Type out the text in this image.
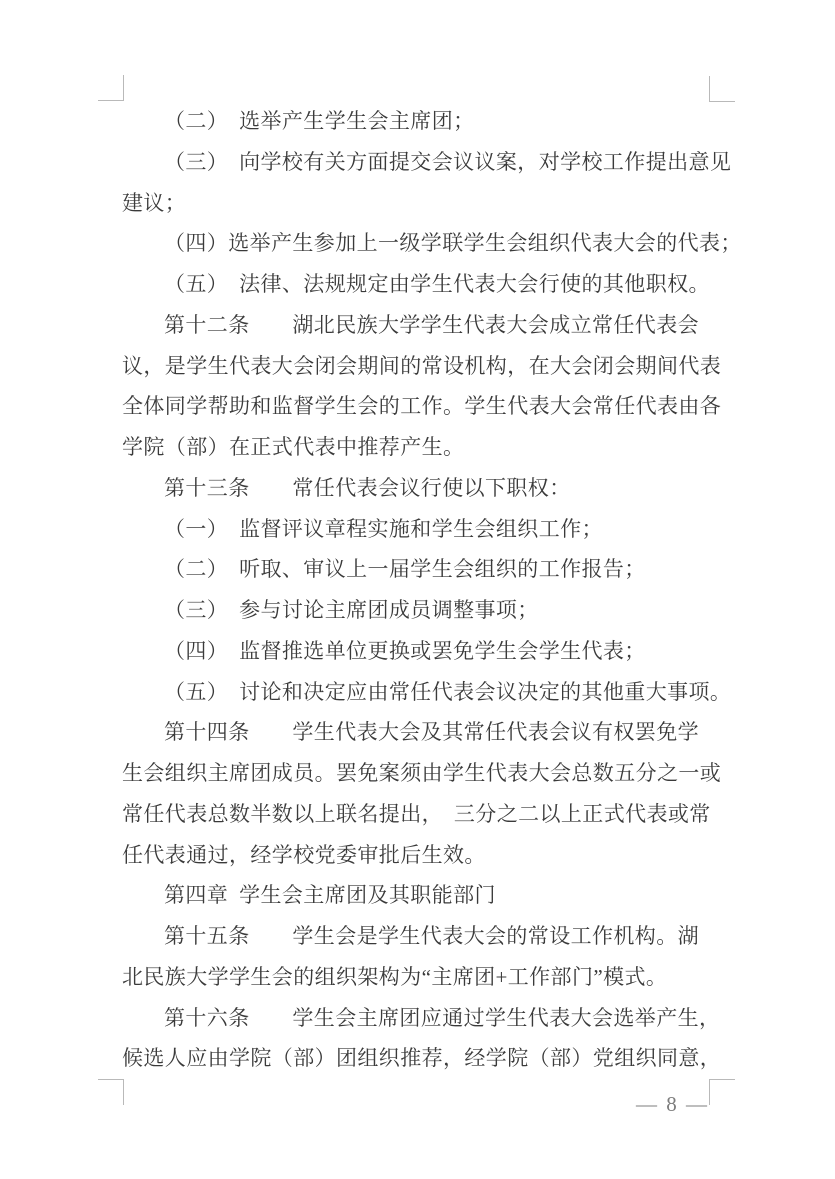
（二） 选举产生学生会主席团；
（三） 向学校有关方面提交会议议案，对学校工作提出意见
建议；
（四）选举产生参加上一级学联学生会组织代表大会的代表；
（五） 法律、法规规定由学生代表大会行使的其他职权。
第十二条　　湖北民族大学学生代表大会成立常任代表会
议，是学生代表大会闭会期间的常设机构，在大会闭会期间代表
全体同学帮助和监督学生会的工作。学生代表大会常任代表由各
学院（部）在正式代表中推荐产生。
第十三条　　常任代表会议行使以下职权：
（一） 监督评议章程实施和学生会组织工作；
（二） 听取、审议上一届学生会组织的工作报告；
（三） 参与讨论主席团成员调整事项；
（四） 监督推选单位更换或罢免学生会学生代表；
（五） 讨论和决定应由常任代表会议决定的其他重大事项。
第十四条　　学生代表大会及其常任代表会议有权罢免学
生会组织主席团成员。罢免案须由学生代表大会总数五分之一或
常任代表总数半数以上联名提出，　三分之二以上正式代表或常
任代表通过，经学校党委审批后生效。
第四章 学生会主席团及其职能部门
第十五条　　学生会是学生代表大会的常设工作机构。湖
北民族大学学生会的组织架构为“主席团+工作部门”模式。
第十六条　　学生会主席团应通过学生代表大会选举产生，
候选人应由学院（部）团组织推荐，经学院（部）党组织同意，
— 8 —
